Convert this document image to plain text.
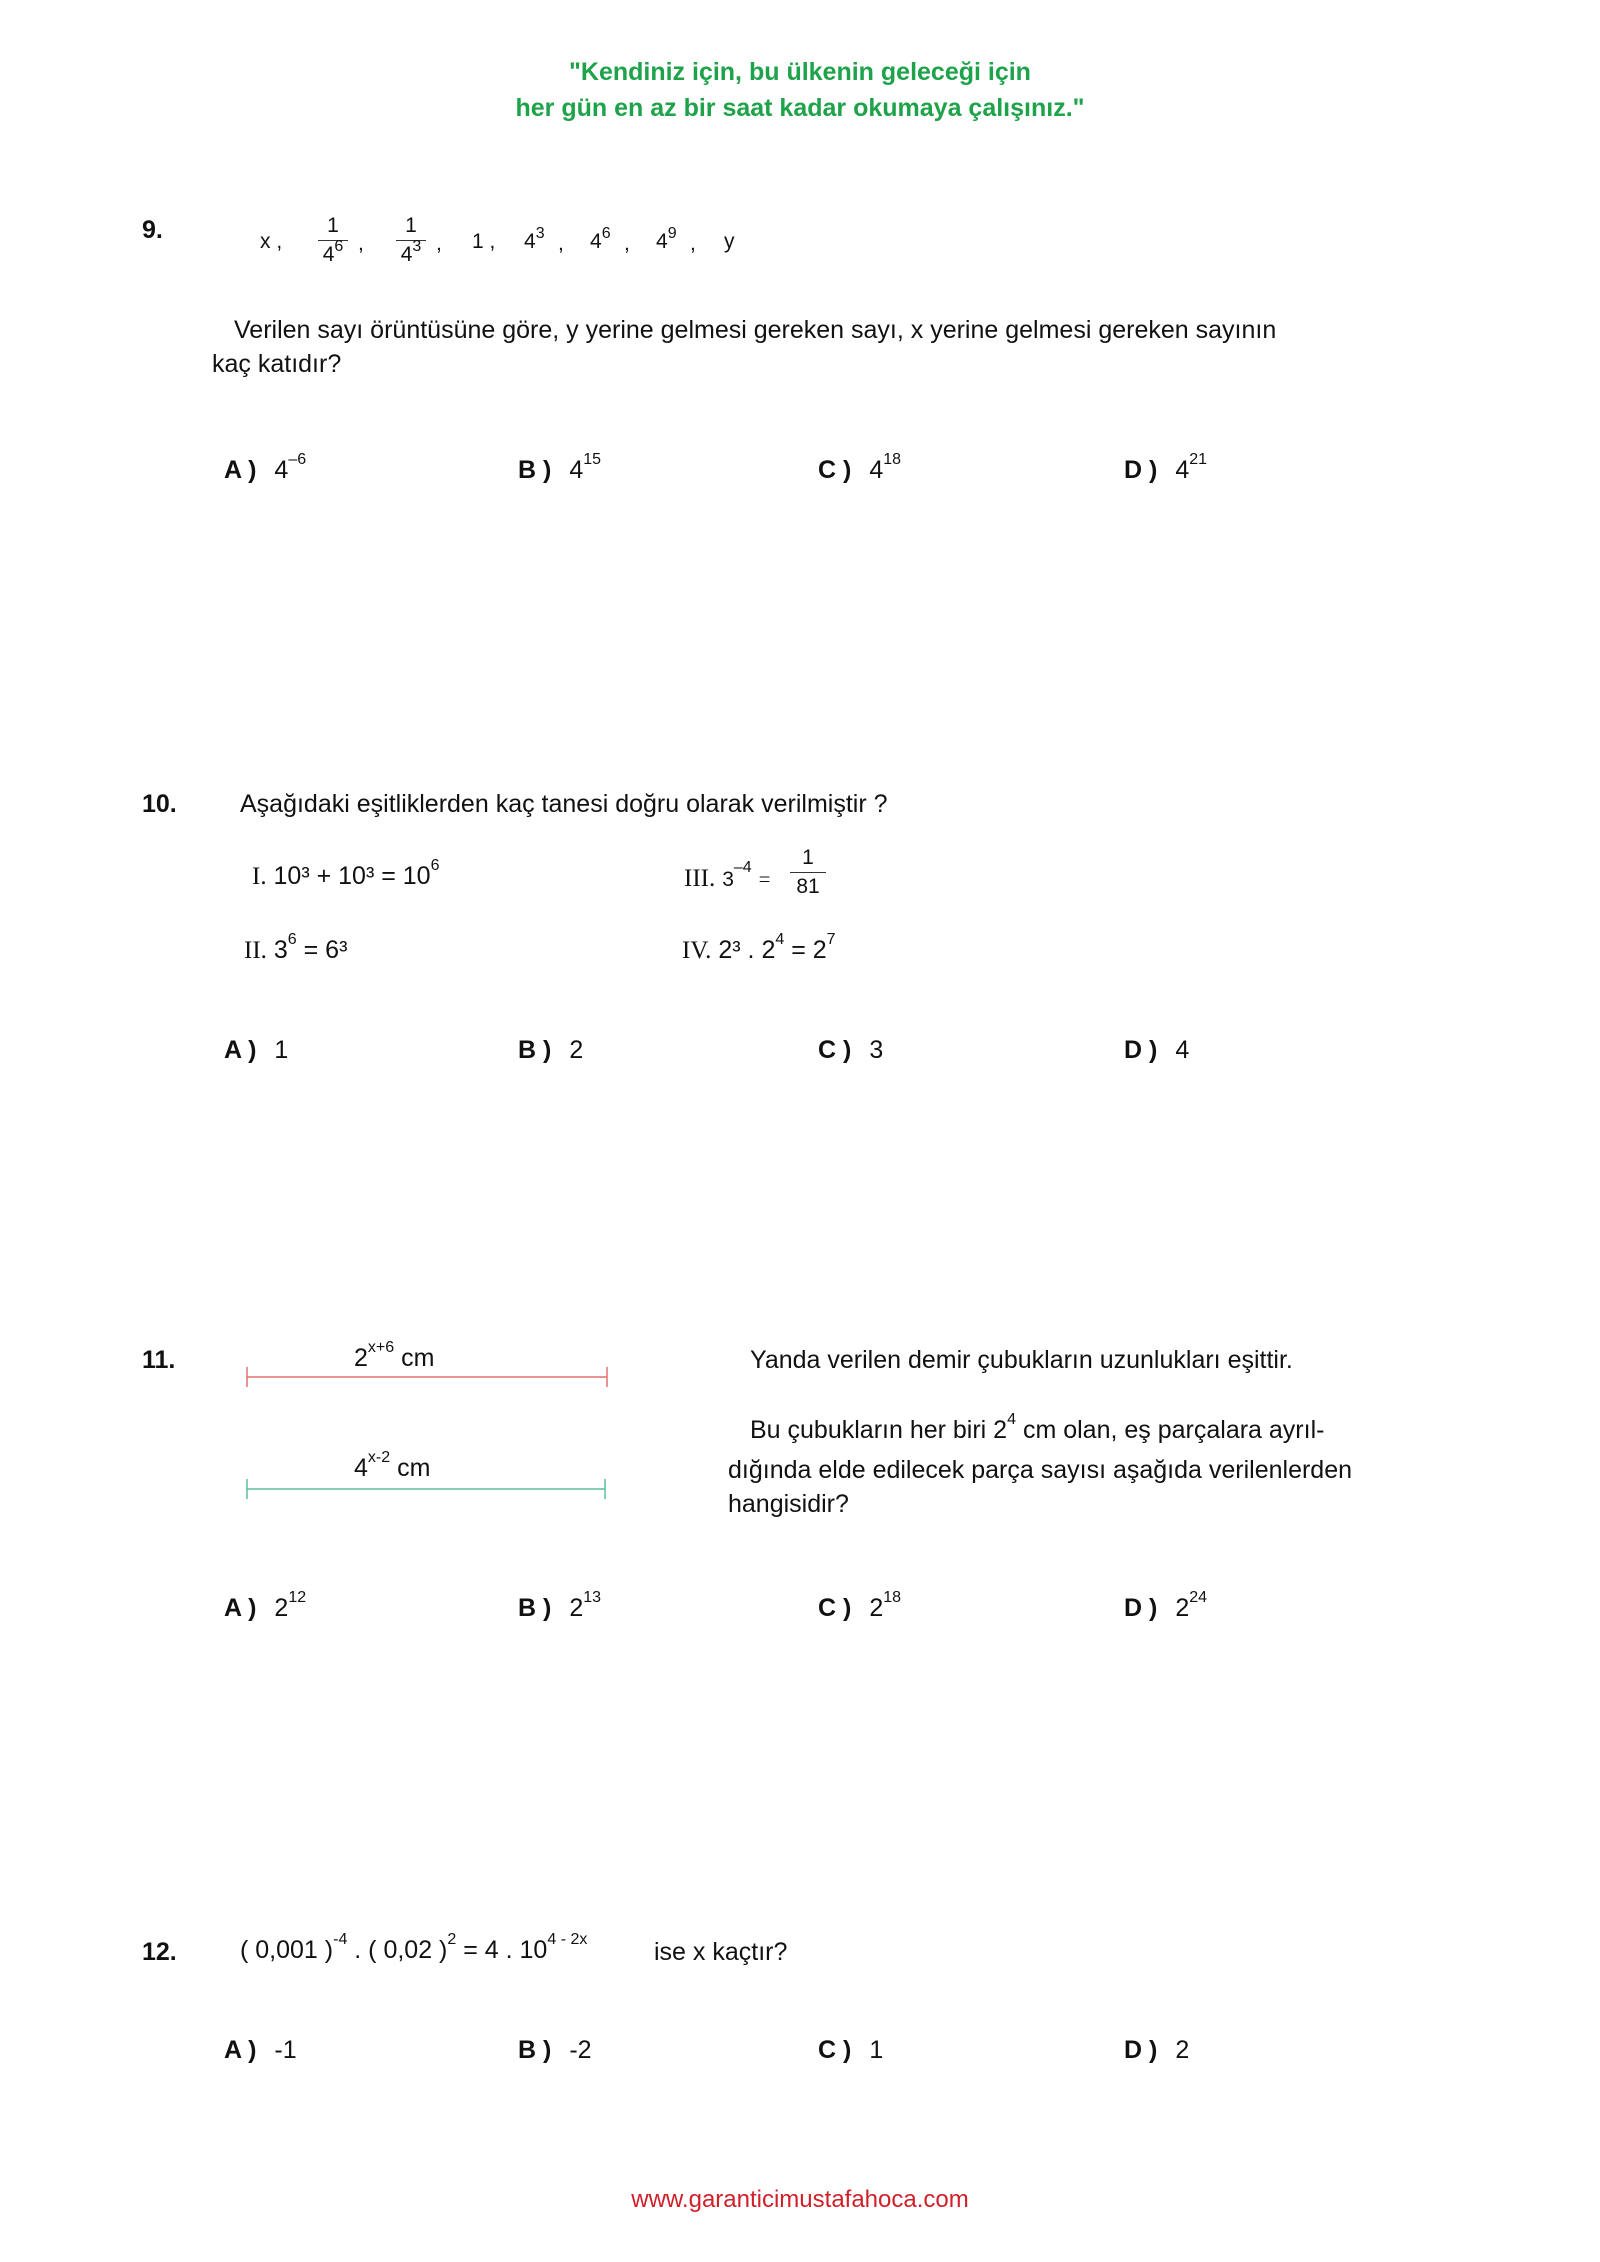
"Kendiniz için, bu ülkenin geleceği için
her gün en az bir saat kadar okumaya çalışınız."
9.	x ,
1
$4^6$ ,
1
$4^3$ , 1 , $4^3$ , $4^6$ , $4^9$ , y
Verilen sayı örüntüsüne göre, y yerine gelmesi gereken sayı, x yerine gelmesi gereken sayının
kaç katıdır?
A ) $4^{-6}$	B ) $4^{15}$	C ) $4^{18}$	D ) $4^{21}$
10.	Aşağıdaki eşitliklerden kaç tanesi doğru olarak verilmiştir ?
I. $10^3 + 10^3 = 10^6$
II. $3^6 = 6^3$
III. $3^{-4}$ =
1
81
IV. 2³ . $2^4 = 2^7$
A ) 1	B ) 2	C ) 3	D ) 4
11.	$2^{x+6}$ cm
4$^{x-2}$ cm
Yanda verilen demir çubukların uzunlukları eşittir.
Bu çubukların her biri $2^4$ cm olan, eş parçalara ayrıl-
dığında elde edilecek parça sayısı aşağıda verilenlerden
hangisidir?
A ) $2^{12}$	B ) $2^{13}$	C ) $2^{18}$	D ) $2^{24}$
12.	( 0,001 )$^{-4}$ . ( 0,02 )$^2$ = 4 . $10^{4 - 2x}$	ise x kaçtır?
A ) -1	B ) -2	C ) 1	D ) 2
www.garanticimustafahoca.com
